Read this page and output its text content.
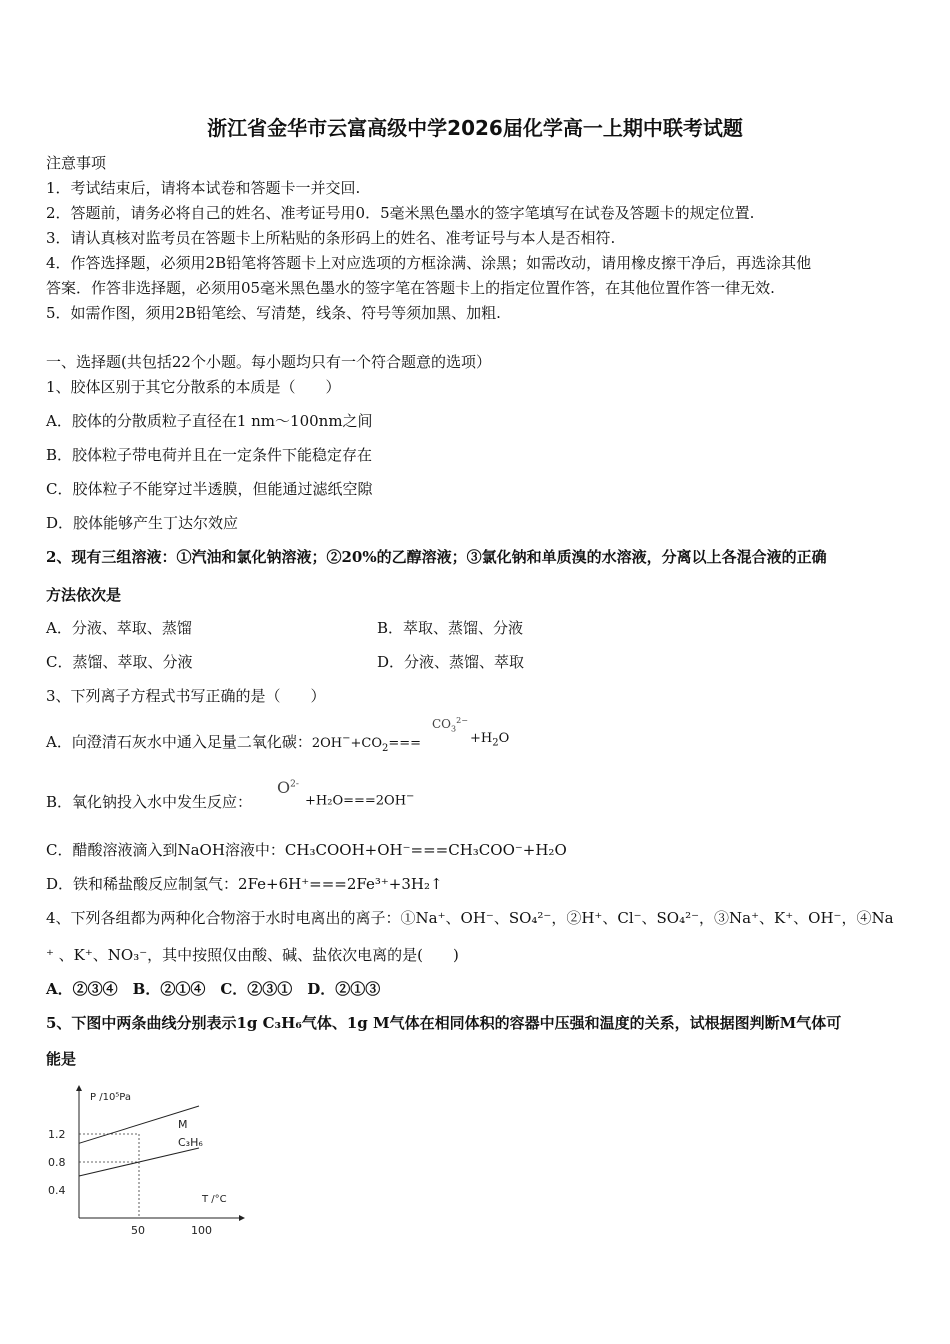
浙江省金华市云富高级中学2026届化学高一上期中联考试题
注意事项
1．考试结束后，请将本试卷和答题卡一并交回.
2．答题前，请务必将自己的姓名、准考证号用0．5毫米黑色墨水的签字笔填写在试卷及答题卡的规定位置.
3．请认真核对监考员在答题卡上所粘贴的条形码上的姓名、准考证号与本人是否相符.
4．作答选择题，必须用2B铅笔将答题卡上对应选项的方框涂满、涂黑；如需改动，请用橡皮擦干净后，再选涂其他
答案．作答非选择题，必须用05毫米黑色墨水的签字笔在答题卡上的指定位置作答，在其他位置作答一律无效.
5．如需作图，须用2B铅笔绘、写清楚，线条、符号等须加黑、加粗.
一、选择题(共包括22个小题。每小题均只有一个符合题意的选项）
1、胶体区别于其它分散系的本质是（　　）
A．胶体的分散质粒子直径在1 nm～100nm之间
B．胶体粒子带电荷并且在一定条件下能稳定存在
C．胶体粒子不能穿过半透膜，但能通过滤纸空隙
D．胶体能够产生丁达尔效应
2、现有三组溶液：①汽油和氯化钠溶液；②20%的乙醇溶液；③氯化钠和单质溴的水溶液，分离以上各混合液的正确
方法依次是
A．分液、萃取、蒸馏	B．萃取、蒸馏、分液
C．蒸馏、萃取、分液	D．分液、蒸馏、萃取
3、下列离子方程式书写正确的是（　　）
A．向澄清石灰水中通入足量二氧化碳：$2OH^-+CO_2===$
$CO_3^{2-}$
$+H_2O$
B．氧化钠投入水中发生反应：
$O^{2-}$
+H₂O===2OH−
C．醋酸溶液滴入到NaOH溶液中：CH₃COOH+OH⁻===CH₃COO⁻+H₂O
D．铁和稀盐酸反应制氢气：2Fe+6H⁺===2Fe³⁺+3H₂↑
4、下列各组都为两种化合物溶于水时电离出的离子：①Na⁺、OH⁻、SO₄²⁻，②H⁺、Cl⁻、SO₄²⁻，③Na⁺、K⁺、OH⁻，④Na
⁺ 、K⁺、NO₃⁻，其中按照仅由酸、碱、盐依次电离的是(　　)
A．②③④　B．②①④　C．②③①　D．②①③
5、下图中两条曲线分别表示1g C₃H₆气体、1g M气体在相同体积的容器中压强和温度的关系，试根据图判断M气体可
能是
P /10⁵Pa
T /°C
1.2
0.8
0.4
50	100
M
C₃H₆
